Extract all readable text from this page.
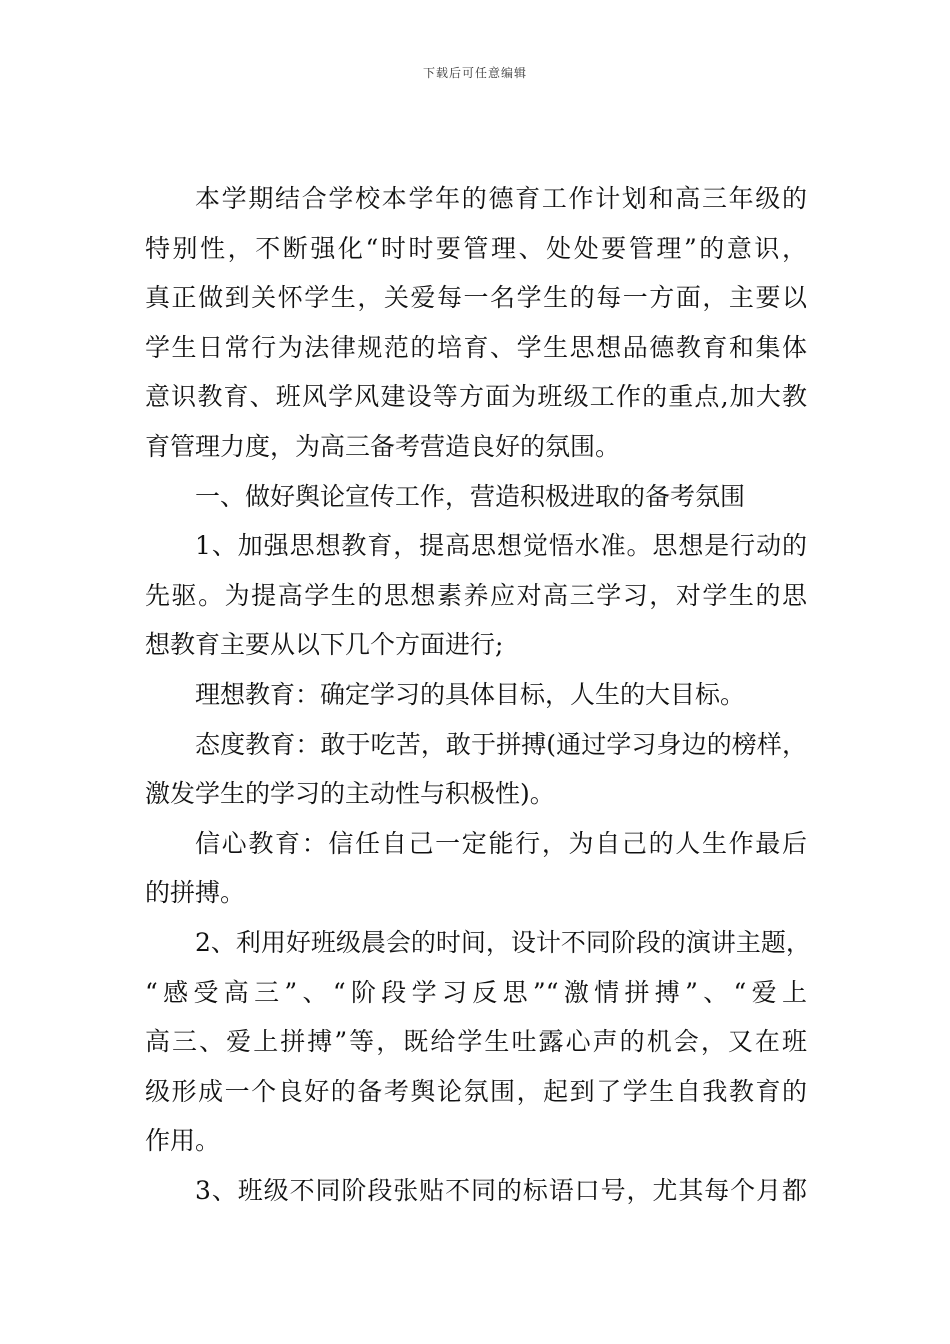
下载后可任意编辑
本学期结合学校本学年的德育工作计划和高三年级的
特别性，不断强化“时时要管理、处处要管理”的意识，
真正做到关怀学生，关爱每一名学生的每一方面，主要以
学生日常行为法律规范的培育、学生思想品德教育和集体
意识教育、班风学风建设等方面为班级工作的重点,加大教
育管理力度，为高三备考营造良好的氛围。
一、做好舆论宣传工作，营造积极进取的备考氛围
1、加强思想教育，提高思想觉悟水准。思想是行动的
先驱。为提高学生的思想素养应对高三学习，对学生的思
想教育主要从以下几个方面进行;
理想教育：确定学习的具体目标，人生的大目标。
态度教育：敢于吃苦，敢于拼搏(通过学习身边的榜样，
激发学生的学习的主动性与积极性)。
信心教育：信任自己一定能行，为自己的人生作最后
的拼搏。
2、利用好班级晨会的时间，设计不同阶段的演讲主题，
“感受高三”、“阶段学习反思”“激情拼搏”、“爱上
高三、爱上拼搏”等，既给学生吐露心声的机会，又在班
级形成一个良好的备考舆论氛围，起到了学生自我教育的
作用。
3、班级不同阶段张贴不同的标语口号，尤其每个月都
